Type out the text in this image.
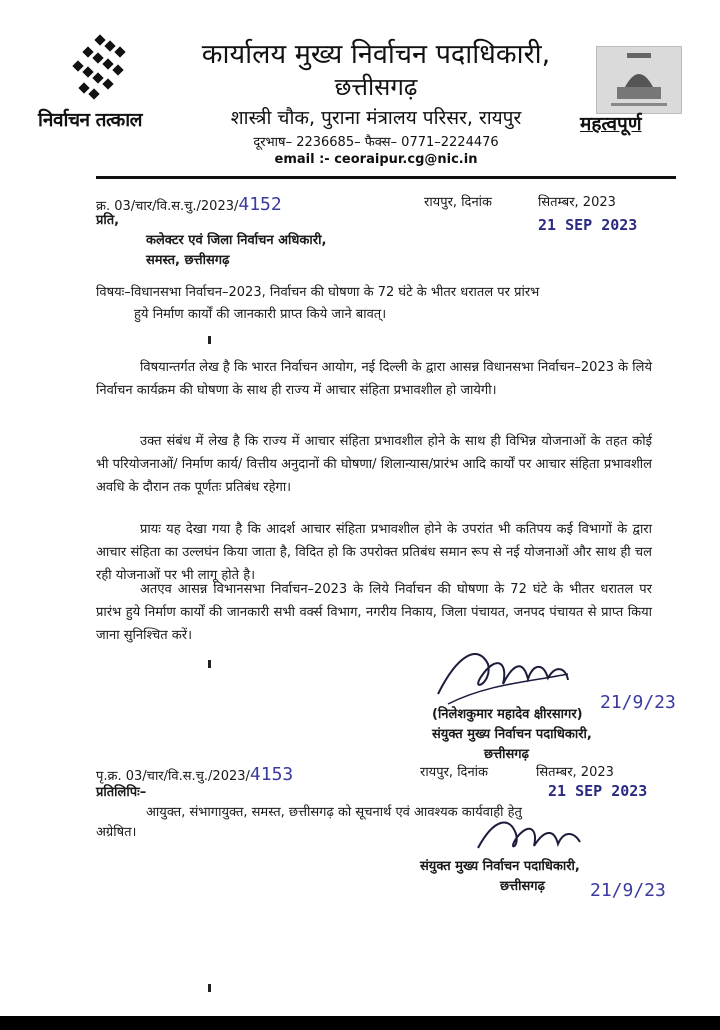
निर्वाचन तत्काल
कार्यालय मुख्य निर्वाचन पदाधिकारी,
छत्तीसगढ़
शास्त्री चौक, पुराना मंत्रालय परिसर, रायपुर
दूरभाष– 2236685– फैक्स– 0771–2224476
email :- ceoraipur.cg@nic.in
महत्वपूर्ण
क्र. 03/चार/वि.स.चु./2023/4152	रायपुर, दिनांक	सितम्बर, 2023
21 SEP 2023
प्रति,
कलेक्टर एवं जिला निर्वाचन अधिकारी,
समस्त, छत्तीसगढ़
विषयः–विधानसभा निर्वाचन–2023, निर्वाचन की घोषणा के 72 घंटे के भीतर धरातल पर प्रांरभ
हुये निर्माण कार्यों की जानकारी प्राप्त किये जाने बावत्।
विषयान्तर्गत लेख है कि भारत निर्वाचन आयोग, नई दिल्ली के द्वारा आसन्न विधानसभा निर्वाचन–2023 के लिये निर्वाचन कार्यक्रम की घोषणा के साथ ही राज्य में आचार संहिता प्रभावशील हो जायेगी।
उक्त संबंध में लेख है कि राज्य में आचार संहिता प्रभावशील होने के साथ ही विभिन्न योजनाओं के तहत कोई भी परियोजनाओं/ निर्माण कार्य/ वित्तीय अनुदानों की घोषणा/ शिलान्यास/प्रारंभ आदि कार्यों पर आचार संहिता प्रभावशील अवधि के दौरान तक पूर्णतः प्रतिबंध रहेगा।
प्रायः यह देखा गया है कि आदर्श आचार संहिता प्रभावशील होने के उपरांत भी कतिपय कई विभागों के द्वारा आचार संहिता का उल्लघंन किया जाता है, विदित हो कि उपरोक्त प्रतिबंध समान रूप से नई योजनाओं और साथ ही चल रही योजनाओं पर भी लागू होते है।
अतएव आसन्न विभानसभा निर्वाचन–2023 के लिये निर्वाचन की घोषणा के 72 घंटे के भीतर धरातल पर प्रारंभ हुये निर्माण कार्यों की जानकारी सभी वर्क्स विभाग, नगरीय निकाय, जिला पंचायत, जनपद पंचायत से प्राप्त किया जाना सुनिश्चित करें।
21/9/23
(निलेशकुमार महादेव क्षीरसागर)
संयुक्त मुख्य निर्वाचन पदाधिकारी,
छत्तीसगढ़
पृ.क्र. 03/चार/वि.स.चु./2023/4153	रायपुर, दिनांक	सितम्बर, 2023
21 SEP 2023
प्रतिलिपिः–
आयुक्त, संभागायुक्त, समस्त, छत्तीसगढ़ को सूचनार्थ एवं आवश्यक कार्यवाही हेतु
अग्रेषित।
संयुक्त मुख्य निर्वाचन पदाधिकारी,
छत्तीसगढ़	21/9/23
